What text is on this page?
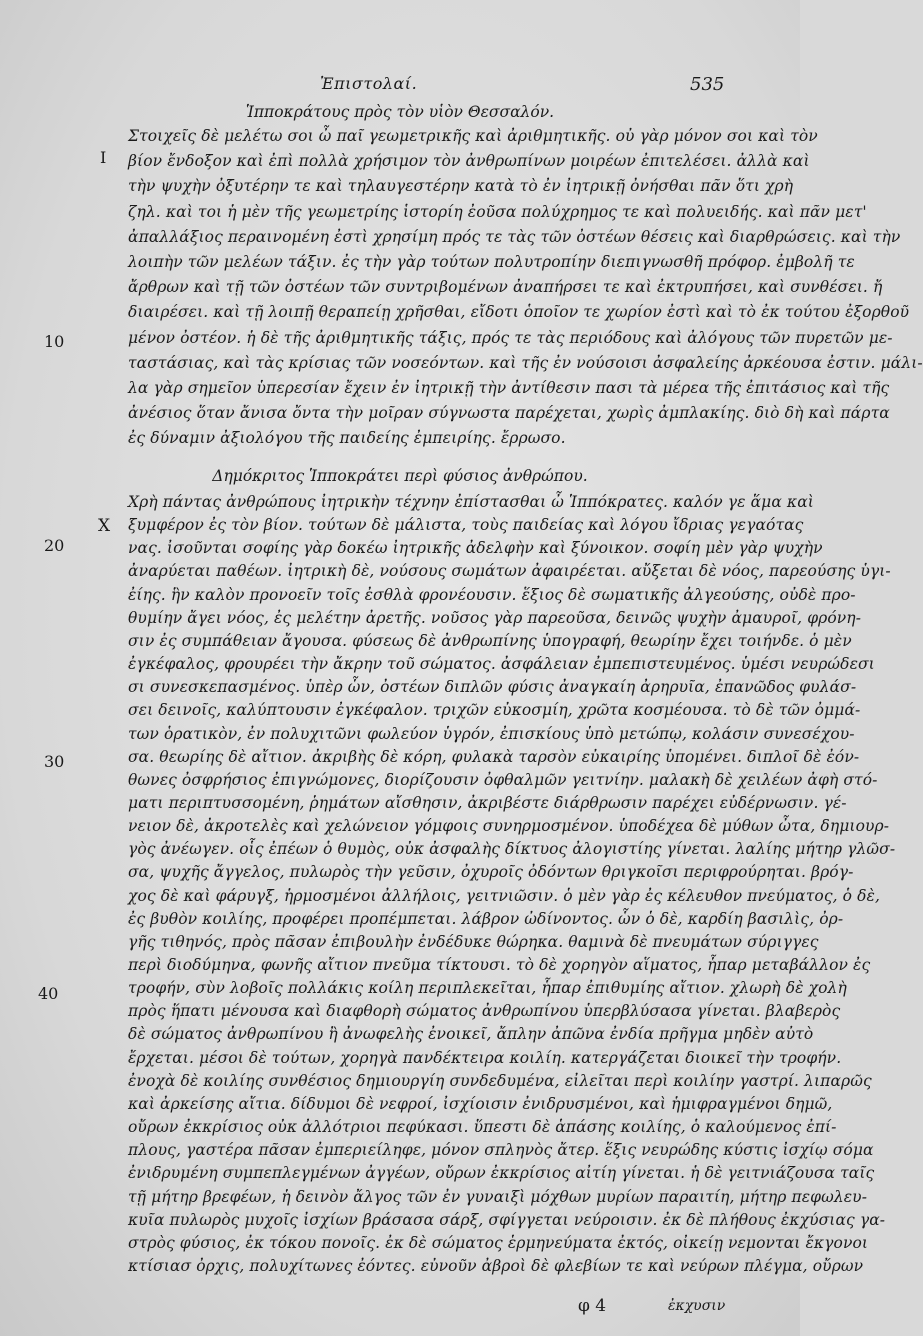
Ἐπιστολαί.	535
Ἱπποκράτους πρὸς τὸν υἱὸν Θεσσαλόν.
Στοιχεῖς δὲ μελέτω σοι ὦ παῖ γεωμετρικῆς καὶ ἀριθμητικῆς. οὐ γὰρ μόνον σοι καὶ τὸν
βίον ἔνδοξον καὶ ἐπὶ πολλὰ χρήσιμον τὸν ἀνθρωπίνων μοιρέων ἐπιτελέσει. ἀλλὰ καὶ
τὴν ψυχὴν ὀξυτέρην τε καὶ τηλαυγεστέρην κατὰ τὸ ἐν ἰητρικῇ ὀνήσθαι πᾶν ὅτι χρὴ
ζηλ. καὶ τοι ἡ μὲν τῆς γεωμετρίης ἱστορίη ἐοῦσα πολύχρημος τε καὶ πολυειδής. καὶ πᾶν μετ'
ἀπαλλάξιος περαινομένη ἐστὶ χρησίμη πρός τε τὰς τῶν ὀστέων θέσεις καὶ διαρθρώσεις. καὶ τὴν
λοιπὴν τῶν μελέων τάξιν. ἐς τὴν γὰρ τούτων πολυτροπίην διεπιγνωσθῆ πρόφορ. ἐμβολῆ τε
ἄρθρων καὶ τῇ τῶν ὀστέων τῶν συντριβομένων ἀναπήρσει τε καὶ ἐκτρυπήσει, καὶ συνθέσει. ἤ
διαιρέσει. καὶ τῇ λοιπῇ θεραπείῃ χρῆσθαι, εἴδοτι ὁποῖον τε χωρίον ἐστὶ καὶ τὸ ἐκ τούτου ἐξορθοῦ
μένον ὀστέον. ἡ δὲ τῆς ἀριθμητικῆς τάξις, πρός τε τὰς περιόδους καὶ ἀλόγους τῶν πυρετῶν με-
ταστάσιας, καὶ τὰς κρίσιας τῶν νοσεόντων. καὶ τῆς ἐν νούσοισι ἀσφαλείης ἀρκέουσα ἐστιν. μάλι-
λα γὰρ σημεῖον ὑπερεσίαν ἔχειν ἐν ἰητρικῇ τὴν ἀντίθεσιν πασι τὰ μέρεα τῆς ἐπιτάσιος καὶ τῆς
ἀνέσιος ὅταν ἄνισα ὄντα τὴν μοῖραν σύγνωστα παρέχεται, χωρὶς ἀμπλακίης. διὸ δὴ καὶ πάρτα
ἐς δύναμιν ἀξιολόγου τῆς παιδείης ἐμπειρίης. ἔρρωσο.
Δημόκριτος Ἱπποκράτει περὶ φύσιος ἀνθρώπου.
Χρὴ πάντας ἀνθρώπους ἰητρικὴν τέχνην ἐπίστασθαι ὦ Ἱππόκρατες. καλόν γε ἅμα καὶ
ξυμφέρον ἐς τὸν βίον. τούτων δὲ μάλιστα, τοὺς παιδείας καὶ λόγου ἴδριας γεγαότας
νας. ἰσοῦνται σοφίης γὰρ δοκέω ἰητρικῆς ἀδελφὴν καὶ ξύνοικον. σοφίη μὲν γὰρ ψυχὴν
ἀναρύεται παθέων. ἰητρικὴ δὲ, νούσους σωμάτων ἀφαιρέεται. αὔξεται δὲ νόος, παρεούσης ὑγι-
ἐίης. ἣν καλὸν προνοεῖν τοῖς ἐσθλὰ φρονέουσιν. ἕξιος δὲ σωματικῆς ἀλγεούσης, οὐδὲ προ-
θυμίην ἄγει νόος, ἐς μελέτην ἀρετῆς. νοῦσος γὰρ παρεοῦσα, δεινῶς ψυχὴν ἀμαυροῖ, φρόνη-
σιν ἐς συμπάθειαν ἄγουσα. φύσεως δὲ ἀνθρωπίνης ὑπογραφή, θεωρίην ἔχει τοιήνδε. ὁ μὲν
ἐγκέφαλος, φρουρέει τὴν ἄκρην τοῦ σώματος. ἀσφάλειαν ἐμπεπιστευμένος. ὑμέσι νευρώδεσι
σι συνεσκεπασμένος. ὑπὲρ ὧν, ὀστέων διπλῶν φύσις ἀναγκαίη ἀρηρυῖα, ἐπανῶδος φυλάσ-
σει δεινοῖς, καλύπτουσιν ἐγκέφαλον. τριχῶν εὐκοσμίη, χρῶτα κοσμέουσα. τὸ δὲ τῶν ὀμμά-
των ὁρατικὸν, ἐν πολυχιτῶνι φωλεύον ὑγρόν, ἐπισκίους ὑπὸ μετώπῳ, κολάσιν συνεσέχου-
σα. θεωρίης δὲ αἴτιον. ἀκριβὴς δὲ κόρη, φυλακὰ ταρσὸν εὐκαιρίης ὑπομένει. διπλοῖ δὲ ἐόν-
θωνες ὀσφρήσιος ἐπιγνώμονες, διορίζουσιν ὀφθαλμῶν γειτνίην. μαλακὴ δὲ χειλέων ἀφὴ στό-
ματι περιπτυσσομένη, ῥημάτων αἴσθησιν, ἀκριβέστε διάρθρωσιν παρέχει εὐδέρνωσιν. γέ-
νειον δὲ, ἀκροτελὲς καὶ χελώνειον γόμφοις συνηρμοσμένον. ὑποδέχεα δὲ μύθων ὦτα, δημιουρ-
γὸς ἀνέωγεν. οἷς ἐπέων ὁ θυμὸς, οὐκ ἀσφαλὴς δίκτυος ἀλογιστίης γίνεται. λαλίης μήτηρ γλῶσ-
σα, ψυχῆς ἄγγελος, πυλωρὸς τὴν γεῦσιν, ὀχυροῖς ὀδόντων θριγκοῖσι περιφρούρηται. βρόγ-
χος δὲ καὶ φάρυγξ, ἡρμοσμένοι ἀλλήλοις, γειτνιῶσιν. ὁ μὲν γὰρ ἐς κέλευθον πνεύματος, ὁ δὲ,
ἐς βυθὸν κοιλίης, προφέρει προπέμπεται. λάβρον ὠδίνοντος. ὧν ὁ δὲ, καρδίη βασιλὶς, ὀρ-
γῆς τιθηνός, πρὸς πᾶσαν ἐπιβουλὴν ἐνδέδυκε θώρηκα. θαμινὰ δὲ πνευμάτων σύριγγες
περὶ διοδύμηνα, φωνῆς αἴτιον πνεῦμα τίκτουσι. τὸ δὲ χορηγὸν αἵματος, ἧπαρ μεταβάλλον ἐς
τροφήν, σὺν λοβοῖς πολλάκις κοίλη περιπλεκεῖται, ἧπαρ ἐπιθυμίης αἴτιον. χλωρὴ δὲ χολὴ
πρὸς ἥπατι μένουσα καὶ διαφθορὴ σώματος ἀνθρωπίνου ὑπερβλύσασα γίνεται. βλαβερὸς
δὲ σώματος ἀνθρωπίνου ἢ ἀνωφελὴς ἐνοικεῖ, ἄπλην ἀπῶνα ἐνδία πρῆγμα μηδὲν αὐτὸ
ἔρχεται. μέσοι δὲ τούτων, χορηγὰ πανδέκτειρα κοιλίη. κατεργάζεται διοικεῖ τὴν τροφήν.
ἐνοχὰ δὲ κοιλίης συνθέσιος δημιουργίη συνδεδυμένα, εἰλεῖται περὶ κοιλίην γαστρί. λιπαρῶς
καὶ ἀρκείσης αἴτια. δίδυμοι δὲ νεφροί, ἰσχίοισιν ἐνιδρυσμένοι, καὶ ἡμιφραγμένοι δημῶ,
οὔρων ἐκκρίσιος οὐκ ἀλλότριοι πεφύκασι. ὕπεστι δὲ ἁπάσης κοιλίης, ὁ καλούμενος ἐπί-
πλους, γαστέρα πᾶσαν ἐμπεριείληφε, μόνον σπληνὸς ἄτερ. ἕξις νευρώδης κύστις ἰσχίῳ σόμα
ἐνιδρυμένη συμπεπλεγμένων ἀγγέων, οὔρων ἐκκρίσιος αἰτίη γίνεται. ἡ δὲ γειτνιάζουσα ταῖς
τῇ μήτηρ βρεφέων, ἡ δεινὸν ἄλγος τῶν ἐν γυναιξὶ μόχθων μυρίων παραιτίη, μήτηρ πεφωλευ-
κυῖα πυλωρὸς μυχοῖς ἰσχίων βράσασα σάρξ, σφίγγεται νεύροισιν. ἐκ δὲ πλήθους ἐκχύσιας γα-
στρὸς φύσιος, ἐκ τόκου πονοῖς. ἐκ δὲ σώματος ἑρμηνεύματα ἐκτός, οἰκείῃ νεμονται ἔκγονοι
κτίσιασ ὀρχις, πολυχίτωνες ἐόντες. εὐνοῦν ἀβροὶ δὲ φλεβίων τε καὶ νεύρων πλέγμα, οὔρων
I
10
X
20
30
40
φ 4	ἐκχυσιν
